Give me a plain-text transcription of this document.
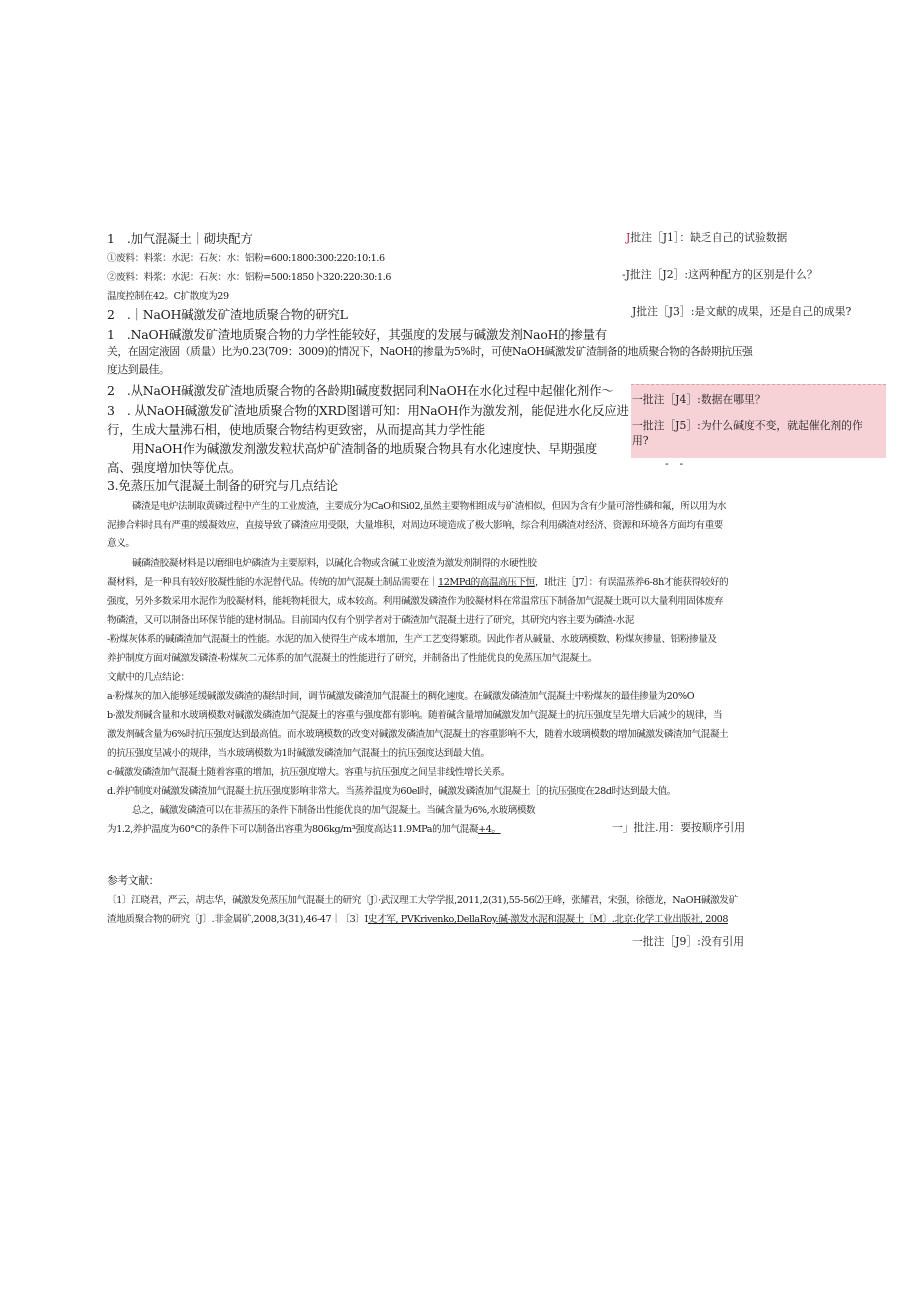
1　.加气混凝土｜砌块配方
①废料：料浆：水泥：石灰：水：铝粉=600:1800:300:220:10:1.6
②废料：料浆：水泥：石灰：水：铝粉=500:1850卜320:220:30:1.6
温度控制在42。C扩散度为29
2　.｜NaOH碱激发矿渣地质聚合物的研究L
1　.NaOH碱激发矿渣地质聚合物的力学性能较好，其强度的发展与碱激发剂NaoH的掺量有
关，在固定液固（质量）比为0.23(709：3009)的情况下，NaOH的掺量为5%时，可使NaOH碱激发矿渣制备的地质聚合物的各龄期抗压强
度达到最佳。
2　.从NaOH碱激发矿渣地质聚合物的各龄期l碱度数据同利NaOH在水化过程中起催化剂作～
3　. 从NaOH碱激发矿渣地质聚合物的XRD图谱可知：用NaOH作为激发剂，能促进水化反应进
行，生成大量沸石相，使地质聚合物结构更致密，从而提高其力学性能
用NaOH作为碱激发剂激发粒状高炉矿渣制备的地质聚合物具有水化速度快、早期强度
高、强度增加快等优点。
3.免蒸压加气混凝土制备的研究与几点结论
磷渣是电炉法制取黄磷过程中产生的工业废渣，主要成分为CaO和Si02,虽然主要物相组成与矿渣相似，但因为含有少量可溶性磷和氟，所以用为水
泥掺合料时具有严重的缓凝效应，直接导致了磷渣应用受限，大量堆积，对周边环境造成了极大影响，综合利用磷渣对经济、资源和环境各方面均有重要
意义。
碱磷渣胶凝材料是以磨细电炉磷渣为主要原料，以碱化合物或含碱工业废渣为激发剂制得的水硬性胶
凝材料，是一种具有较好胶凝性能的水泥替代品。传统的加气混凝土制品需要在｜12MPd的高温高压下恒，I批注［J7］：有误温蒸养6-8h才能获得较好的
强度，另外多数采用水泥作为胶凝材料，能耗物耗很大，成本较高。利用碱激发磷渣作为胶凝材料在常温常压下制备加气混凝土既可以大量利用固体废弃
物磷渣，又可以制备出环保节能的建材制品。目前国内仅有个别学者对于磷渣加气混凝土进行了研究，其研究内容主要为磷渣-水泥
-粉煤灰体系的碱磷渣加气混凝土的性能。水泥的加入使得生产成本增加，生产工艺变得繁琐。因此作者从碱量、水玻璃模数、粉煤灰掺量、铝粉掺量及
养护制度方面对碱激发磷渣-粉煤灰二元体系的加气混凝土的性能进行了研究，并制备出了性能优良的免蒸压加气混凝土。
文献中的几点结论：
a·粉煤灰的加入能够延缓碱激发磷渣的凝结时间，调节碱激发磷渣加气混凝土的稠化速度。在碱激发磷渣加气混凝土中粉煤灰的最佳掺量为20%O
b·激发剂碱含量和水玻璃模数对碱激发磷渣加气混凝土的容重与强度都有影响。随着碱含量增加碱激发加气混凝土的抗压强度呈先增大后减少的规律，当
激发剂碱含量为6%时抗压强度达到最高值。而水玻璃模数的改变对碱激发磷渣加气混凝土的容重影响不大，随着水玻璃模数的增加碱激发磷渣加气混凝土
的抗压强度呈减小的规律，当水玻璃模数为1时碱激发磷渣加气混凝土的抗压强度达到最大值。
c·碱激发磷渣加气混凝土随着容重的增加，抗压强度增大。容重与抗压强度之间呈非线性增长关系。
d.养护制度对碱激发磷渣加气混凝土抗压强度影响非常大。当蒸养温度为60el时，碱激发磷渣加气混凝土［的抗压强度在28d时达到最大值。
总之，碱激发磷渣可以在非蒸压的条件下制备出性能优良的加气混凝土。当碱含量为6%,水玻璃模数
为1.2,养护温度为60°C的条件下可以制备出容重为806kg/m³强度高达11.9MPa的加气混凝+4。
参考文献：
〔1〕江晓君，严云，胡志华，碱激发免蒸压加气混凝土的研究〔J〕·武汉理工大学学报,2011,2(31),55-56⑵王峰，张耀君，宋强，徐德龙，NaOH碱激发矿
渣地质聚合物的研究〔J〕.非金属矿,2008,3(31),46-47｜〔3〕I史才军, PVKrivenko,DellaRoy.碱-激发水泥和混凝土〔M〕.北京:化学工业出版社, 2008
J批注［J1］：缺乏自己的试验数据
-J批注［J2］:这两种配方的区别是什么？
J批注［J3］:是文献的成果，还是自己的成果?
一批注［J4］:数据在哪里？
一批注［J5］:为什么碱度不变，就起催化剂的作
用?
-　-
一」批注.用：要按顺序引用
一批注［J9］:没有引用
